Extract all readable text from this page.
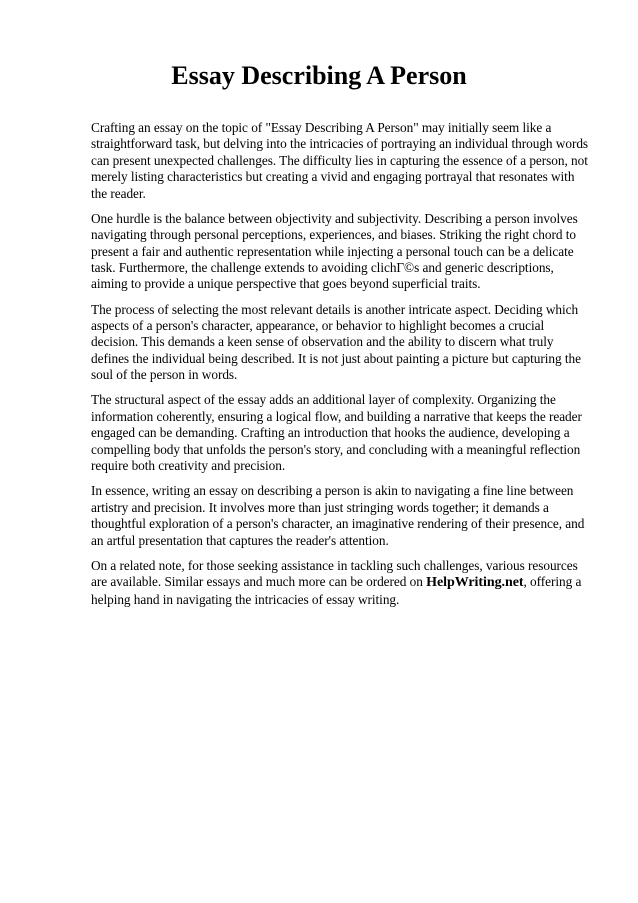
Essay Describing A Person

Crafting an essay on the topic of "Essay Describing A Person" may initially seem like a straightforward task, but delving into the intricacies of portraying an individual through words can present unexpected challenges. The difficulty lies in capturing the essence of a person, not merely listing characteristics but creating a vivid and engaging portrayal that resonates with the reader.

One hurdle is the balance between objectivity and subjectivity. Describing a person involves navigating through personal perceptions, experiences, and biases. Striking the right chord to present a fair and authentic representation while injecting a personal touch can be a delicate task. Furthermore, the challenge extends to avoiding clichГ©s and generic descriptions, aiming to provide a unique perspective that goes beyond superficial traits.

The process of selecting the most relevant details is another intricate aspect. Deciding which aspects of a person's character, appearance, or behavior to highlight becomes a crucial decision. This demands a keen sense of observation and the ability to discern what truly defines the individual being described. It is not just about painting a picture but capturing the soul of the person in words.

The structural aspect of the essay adds an additional layer of complexity. Organizing the information coherently, ensuring a logical flow, and building a narrative that keeps the reader engaged can be demanding. Crafting an introduction that hooks the audience, developing a compelling body that unfolds the person's story, and concluding with a meaningful reflection require both creativity and precision.

In essence, writing an essay on describing a person is akin to navigating a fine line between artistry and precision. It involves more than just stringing words together; it demands a thoughtful exploration of a person's character, an imaginative rendering of their presence, and an artful presentation that captures the reader's attention.

On a related note, for those seeking assistance in tackling such challenges, various resources are available. Similar essays and much more can be ordered on HelpWriting.net, offering a helping hand in navigating the intricacies of essay writing.
